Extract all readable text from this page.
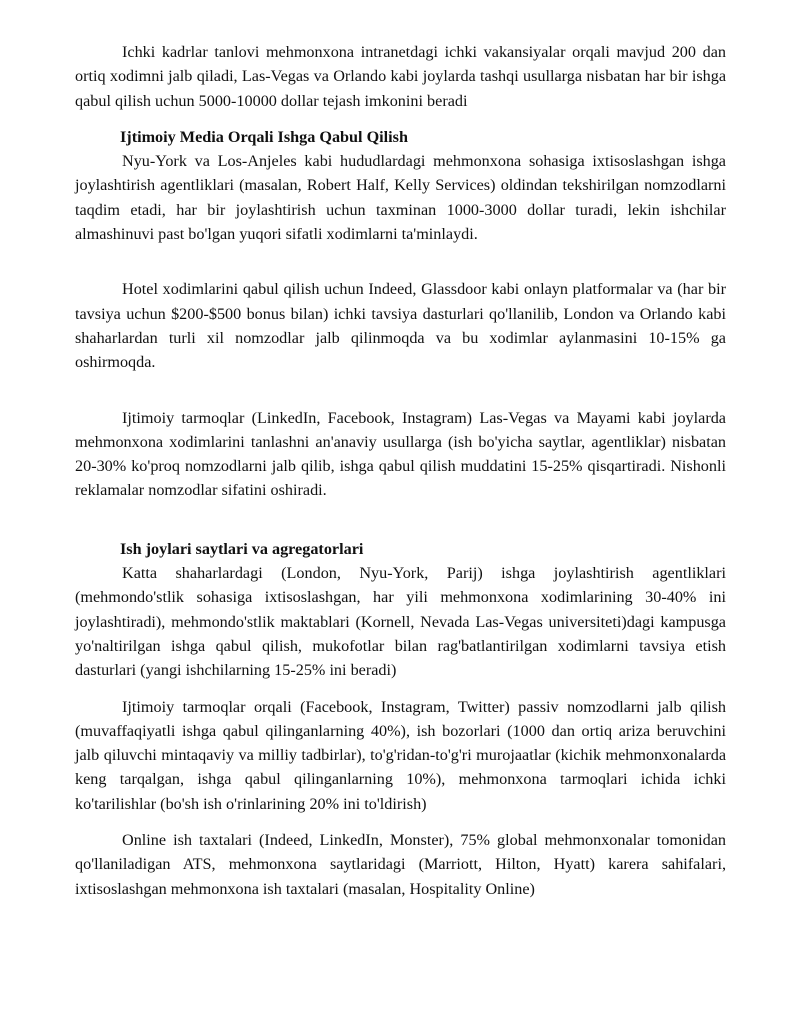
Ichki kadrlar tanlovi mehmonxona intranetdagi ichki vakansiyalar orqali mavjud 200 dan ortiq xodimni jalb qiladi, Las-Vegas va Orlando kabi joylarda tashqi usullarga nisbatan har bir ishga qabul qilish uchun 5000-10000 dollar tejash imkonini beradi

Ijtimoiy Media Orqali Ishga Qabul Qilish

Nyu-York va Los-Anjeles kabi hududlardagi mehmonxona sohasiga ixtisoslashgan ishga joylashtirish agentliklari (masalan, Robert Half, Kelly Services) oldindan tekshirilgan nomzodlarni taqdim etadi, har bir joylashtirish uchun taxminan 1000-3000 dollar turadi, lekin ishchilar almashinuvi past bo'lgan yuqori sifatli xodimlarni ta'minlaydi.

Hotel xodimlarini qabul qilish uchun Indeed, Glassdoor kabi onlayn platformalar va (har bir tavsiya uchun $200-$500 bonus bilan) ichki tavsiya dasturlari qo'llanilib, London va Orlando kabi shaharlardan turli xil nomzodlar jalb qilinmoqda va bu xodimlar aylanmasini 10-15% ga oshirmoqda.

Ijtimoiy tarmoqlar (LinkedIn, Facebook, Instagram) Las-Vegas va Mayami kabi joylarda mehmonxona xodimlarini tanlashni an'anaviy usullarga (ish bo'yicha saytlar, agentliklar) nisbatan 20-30% ko'proq nomzodlarni jalb qilib, ishga qabul qilish muddatini 15-25% qisqartiradi. Nishonli reklamalar nomzodlar sifatini oshiradi.

Ish joylari saytlari va agregatorlari

Katta shaharlardagi (London, Nyu-York, Parij) ishga joylashtirish agentliklari (mehmondo'stlik sohasiga ixtisoslashgan, har yili mehmonxona xodimlarining 30-40% ini joylashtiradi), mehmondo'stlik maktablari (Kornell, Nevada Las-Vegas universiteti)dagi kampusga yo'naltirilgan ishga qabul qilish, mukofotlar bilan rag'batlantirilgan xodimlarni tavsiya etish dasturlari (yangi ishchilarning 15-25% ini beradi)

Ijtimoiy tarmoqlar orqali (Facebook, Instagram, Twitter) passiv nomzodlarni jalb qilish (muvaffaqiyatli ishga qabul qilinganlarning 40%), ish bozorlari (1000 dan ortiq ariza beruvchini jalb qiluvchi mintaqaviy va milliy tadbirlar), to'g'ridan-to'g'ri murojaatlar (kichik mehmonxonalarda keng tarqalgan, ishga qabul qilinganlarning 10%), mehmonxona tarmoqlari ichida ichki ko'tarilishlar (bo'sh ish o'rinlarining 20% ini to'ldirish)

Online ish taxtalari (Indeed, LinkedIn, Monster), 75% global mehmonxonalar tomonidan qo'llaniladigan ATS, mehmonxona saytlaridagi (Marriott, Hilton, Hyatt) karera sahifalari, ixtisoslashgan mehmonxona ish taxtalari (masalan, Hospitality Online)
